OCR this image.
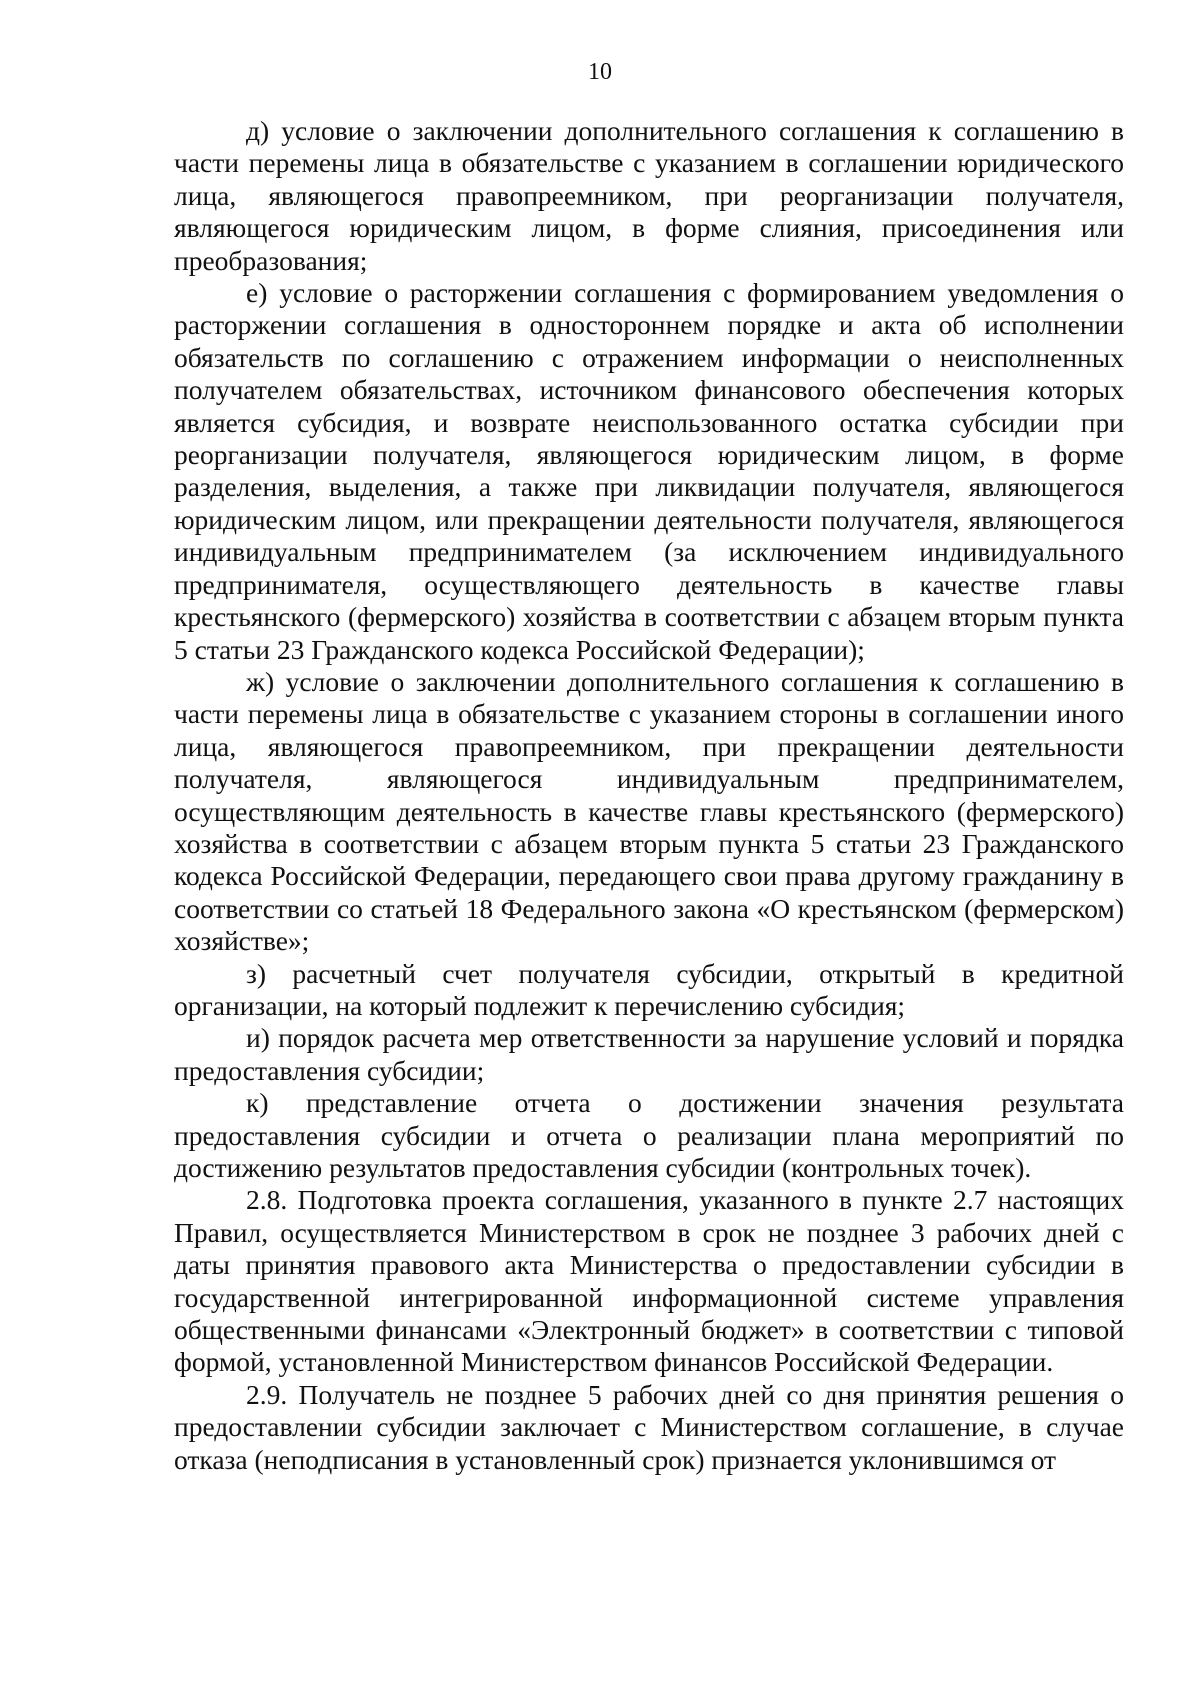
10

д) условие о заключении дополнительного соглашения к соглашению в части перемены лица в обязательстве с указанием в соглашении юридического лица, являющегося правопреемником, при реорганизации получателя, являющегося юридическим лицом, в форме слияния, присоединения или преобразования;

е) условие о расторжении соглашения с формированием уведомления о расторжении соглашения в одностороннем порядке и акта об исполнении обязательств по соглашению с отражением информации о неисполненных получателем обязательствах, источником финансового обеспечения которых является субсидия, и возврате неиспользованного остатка субсидии при реорганизации получателя, являющегося юридическим лицом, в форме разделения, выделения, а также при ликвидации получателя, являющегося юридическим лицом, или прекращении деятельности получателя, являющегося индивидуальным предпринимателем (за исключением индивидуального предпринимателя, осуществляющего деятельность в качестве главы крестьянского (фермерского) хозяйства в соответствии с абзацем вторым пункта 5 статьи 23 Гражданского кодекса Российской Федерации);

ж) условие о заключении дополнительного соглашения к соглашению в части перемены лица в обязательстве с указанием стороны в соглашении иного лица, являющегося правопреемником, при прекращении деятельности получателя, являющегося индивидуальным предпринимателем, осуществляющим деятельность в качестве главы крестьянского (фермерского) хозяйства в соответствии с абзацем вторым пункта 5 статьи 23 Гражданского кодекса Российской Федерации, передающего свои права другому гражданину в соответствии со статьей 18 Федерального закона «О крестьянском (фермерском) хозяйстве»;

з) расчетный счет получателя субсидии, открытый в кредитной организации, на который подлежит к перечислению субсидия;

и) порядок расчета мер ответственности за нарушение условий и порядка предоставления субсидии;

к) представление отчета о достижении значения результата предоставления субсидии и отчета о реализации плана мероприятий по достижению результатов предоставления субсидии (контрольных точек).

2.8. Подготовка проекта соглашения, указанного в пункте 2.7 настоящих Правил, осуществляется Министерством в срок не позднее 3 рабочих дней с даты принятия правового акта Министерства о предоставлении субсидии в государственной интегрированной информационной системе управления общественными финансами «Электронный бюджет» в соответствии с типовой формой, установленной Министерством финансов Российской Федерации.

2.9. Получатель не позднее 5 рабочих дней со дня принятия решения о предоставлении субсидии заключает с Министерством соглашение, в случае отказа (неподписания в установленный срок) признается уклонившимся от
